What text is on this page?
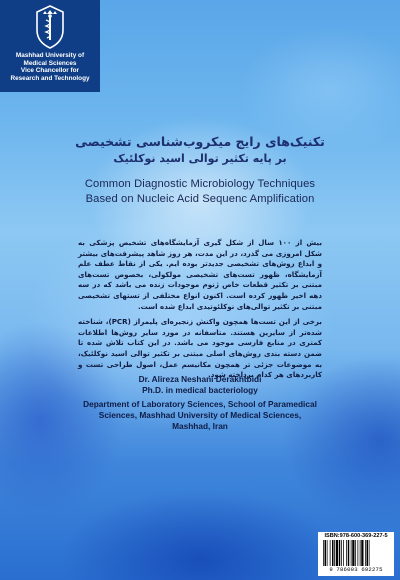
Mashhad University of
Medical Sciences
Vice Chancellor for
Research and Technology
تکنیک‌های رایج میکروب‌شناسی تشخیصی
بر پایه تکثیر توالی اسید نوکلئیک
Common Diagnostic Microbiology Techniques
Based on Nucleic Acid Sequenc Amplification

بیش از ۱۰۰ سال از شکل گیری آزمایشگاه‌های تشخیص پزشکی به شکل امروزی می گذرد، در این مدت، هر روز شاهد پیشرفت‌های بیشتر و ابداع روش‌های تشخیصی جدیدتر بوده ایم. یکی از نقاط عطف علم آزمایشگاه، ظهور تست‌های تشخیصی مولکولی، بخصوص تست‌های مبتنی بر تکثیر قطعات خاص ژنوم موجودات زنده می باشد که در سه دهه اخیر ظهور کرده است. اکنون انواع مختلفی از تستهای تشخیصی مبتنی بر تکثیر توالی‌های نوکلئوتیدی ابداع شده است.

برخی از این تست‌ها همچون واکنش زنجیره‌ای پلیمراز (PCR)، شناخته شده‌تر از سایرین هستند. متاسفانه در مورد سایر روش‌ها اطلاعات کمتری در منابع فارسی موجود می باشد. در این کتاب تلاش شده تا ضمن دسته بندی روش‌های اصلی مبتنی بر تکثیر توالی اسید نوکلئیک، به موضوعات جزئی تر همچون مکانیسم عمل، اصول طراحی تست و کاربردهای هر کدام پرداخته شود.

Dr. Alireza Neshani Derakhtbidi
Ph.D. in medical bacteriology
Department of Laboratory Sciences, School of Paramedical
Sciences, Mashhad University of Medical Sciences,
Mashhad, Iran
ISBN:978-600-369-227-5
9 786003 692275
